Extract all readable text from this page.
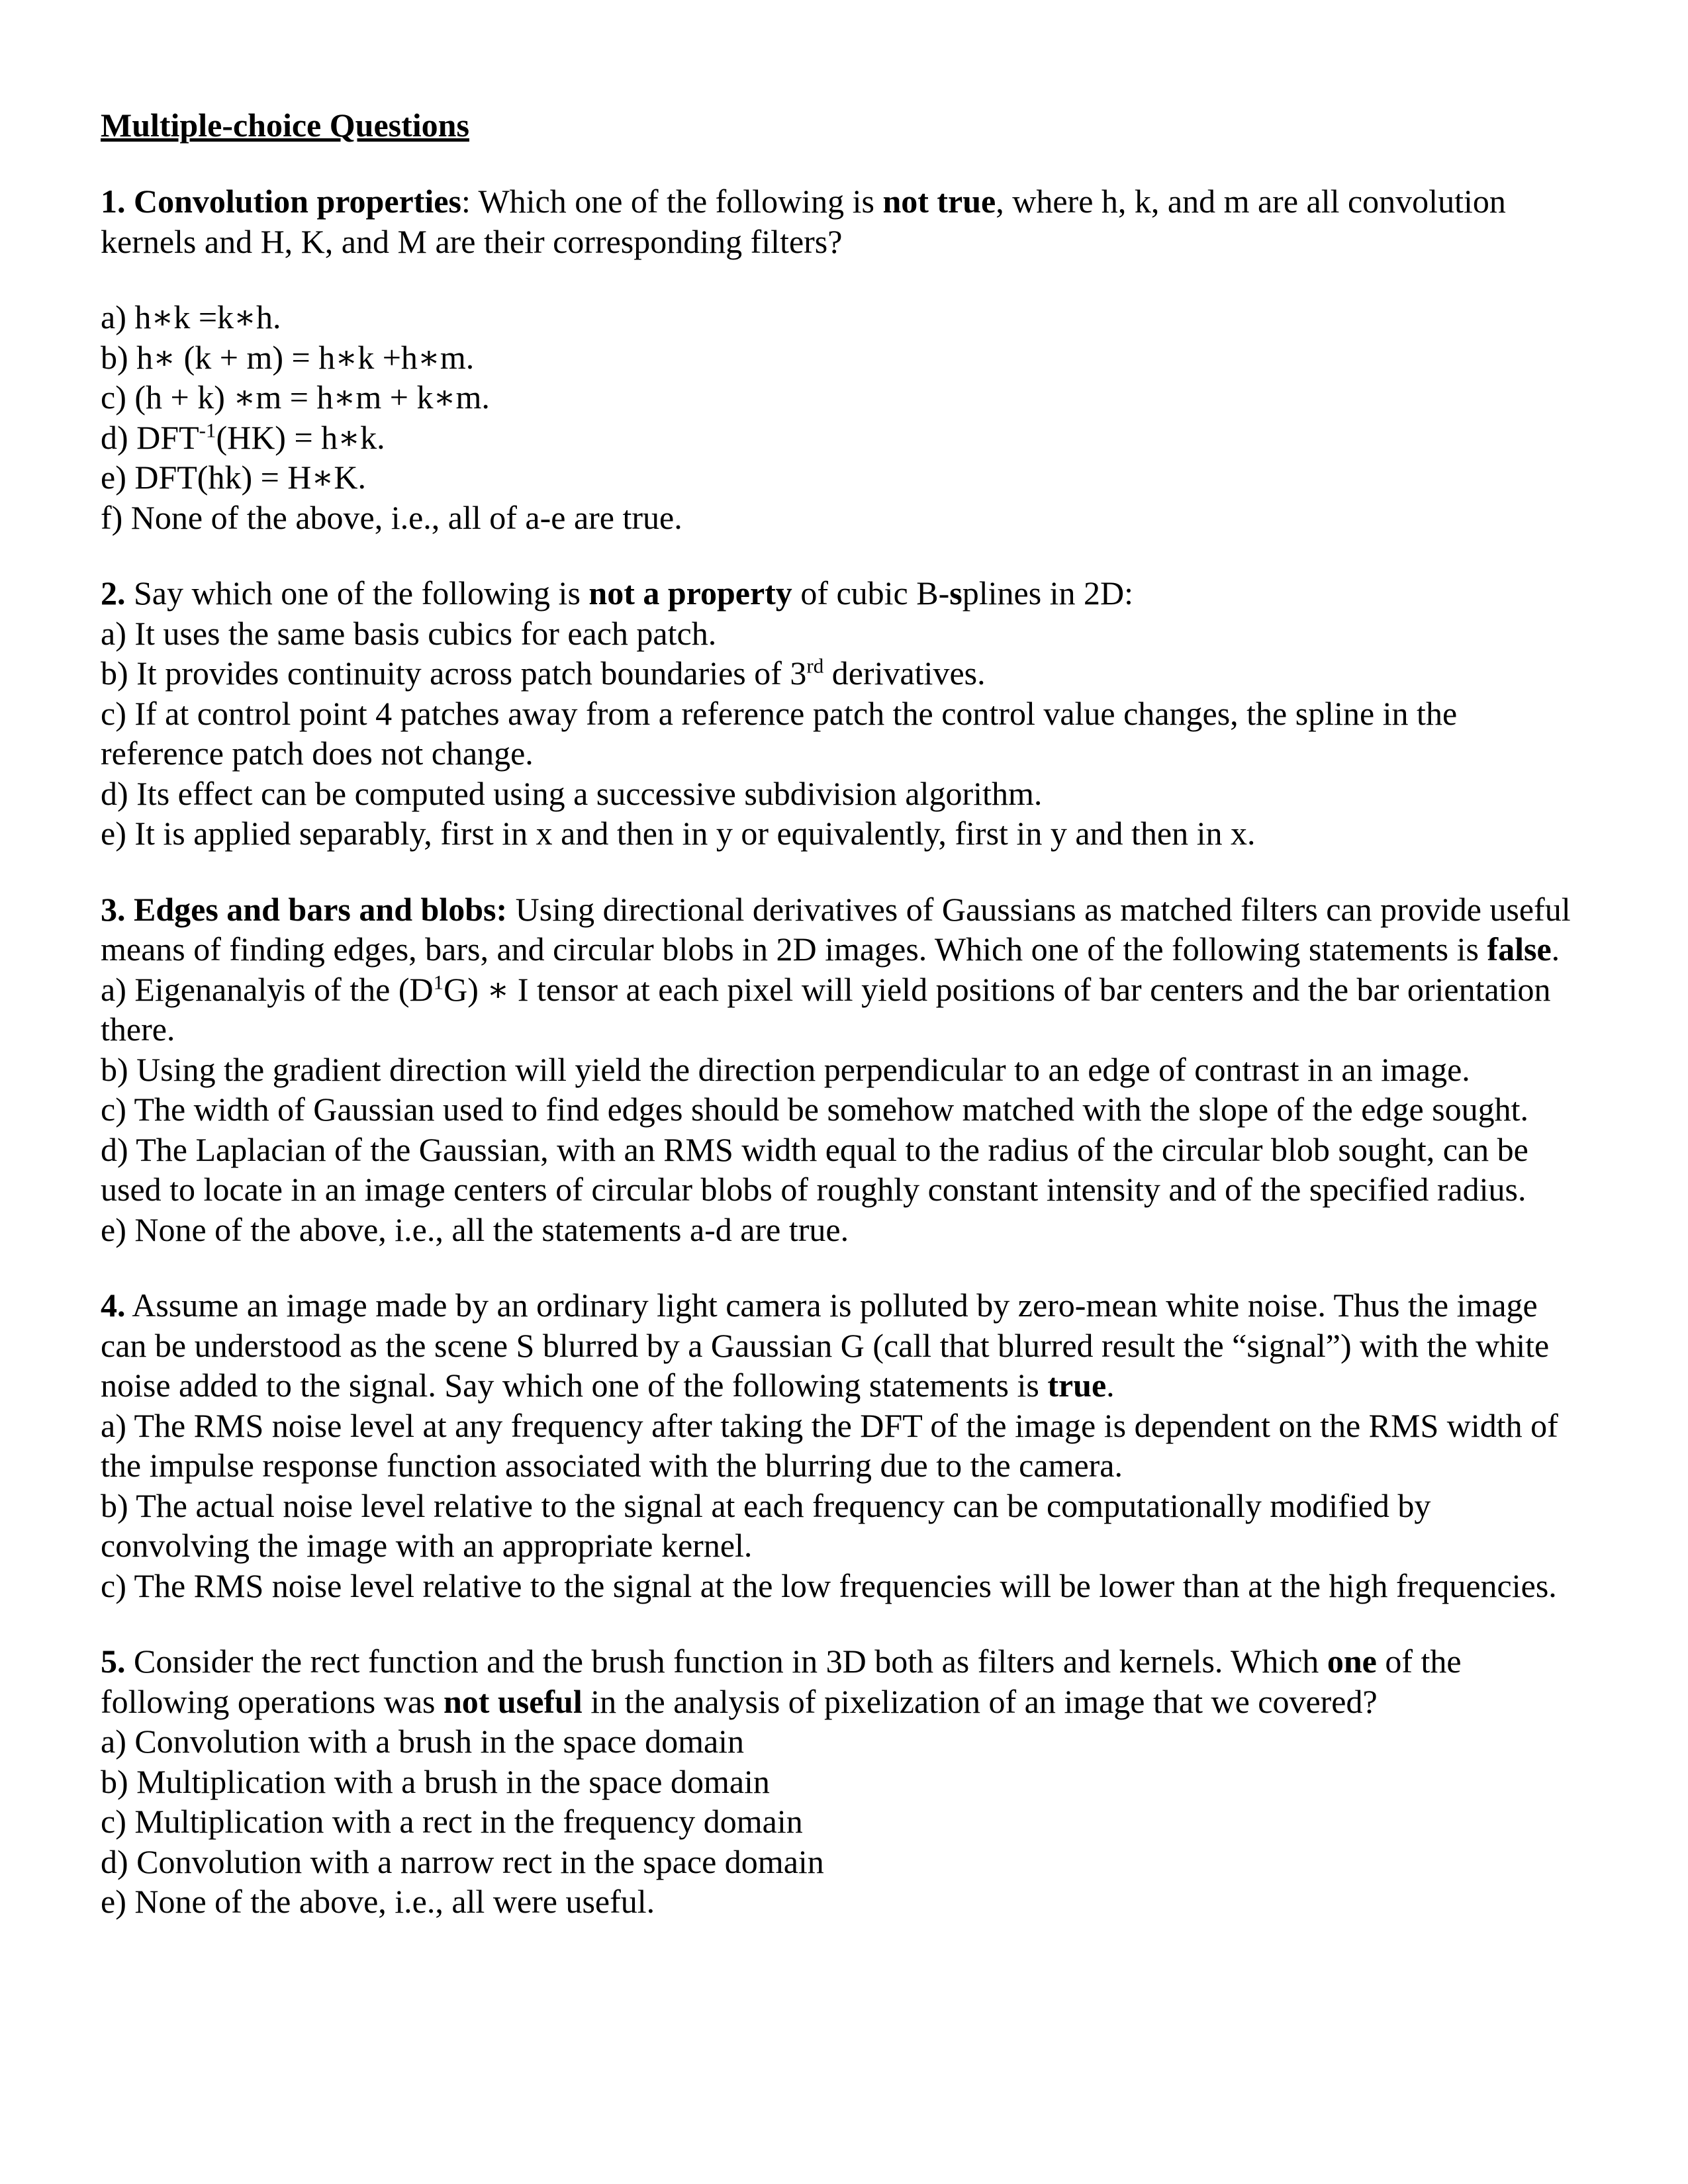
Multiple-choice Questions

1. Convolution properties: Which one of the following is not true, where h, k, and m are all convolution kernels and H, K, and M are their corresponding filters?

a) h∗k =k∗h.

b) h∗ (k + m) = h∗k +h∗m.

c) (h + k) ∗m = h∗m + k∗m.

d) $DFT^{-1}(HK)$ = h∗k.

e) DFT(hk) = H∗K.

f) None of the above, i.e., all of a-e are true.

2. Say which one of the following is not a property of cubic B-splines in 2D:

a) It uses the same basis cubics for each patch.

b) It provides continuity across patch boundaries of 3rd derivatives.

c) If at control point 4 patches away from a reference patch the control value changes, the spline in the reference patch does not change.

d) Its effect can be computed using a successive subdivision algorithm.

e) It is applied separably, first in x and then in y or equivalently, first in y and then in x.

3. Edges and bars and blobs: Using directional derivatives of Gaussians as matched filters can provide useful means of finding edges, bars, and circular blobs in 2D images. Which one of the following statements is false.

a) Eigenanalyis of the $(D^1G)$ ∗ I tensor at each pixel will yield positions of bar centers and the bar orientation there.

b) Using the gradient direction will yield the direction perpendicular to an edge of contrast in an image.

c) The width of Gaussian used to find edges should be somehow matched with the slope of the edge sought.

d) The Laplacian of the Gaussian, with an RMS width equal to the radius of the circular blob sought, can be used to locate in an image centers of circular blobs of roughly constant intensity and of the specified radius.

e) None of the above, i.e., all the statements a-d are true.

4. Assume an image made by an ordinary light camera is polluted by zero-mean white noise. Thus the image can be understood as the scene S blurred by a Gaussian G (call that blurred result the “signal”) with the white noise added to the signal. Say which one of the following statements is true.

a) The RMS noise level at any frequency after taking the DFT of the image is dependent on the RMS width of the impulse response function associated with the blurring due to the camera.

b) The actual noise level relative to the signal at each frequency can be computationally modified by convolving the image with an appropriate kernel.

c) The RMS noise level relative to the signal at the low frequencies will be lower than at the high frequencies.

5. Consider the rect function and the brush function in 3D both as filters and kernels. Which one of the following operations was not useful in the analysis of pixelization of an image that we covered?

a) Convolution with a brush in the space domain

b) Multiplication with a brush in the space domain

c) Multiplication with a rect in the frequency domain

d) Convolution with a narrow rect in the space domain

e) None of the above, i.e., all were useful.
